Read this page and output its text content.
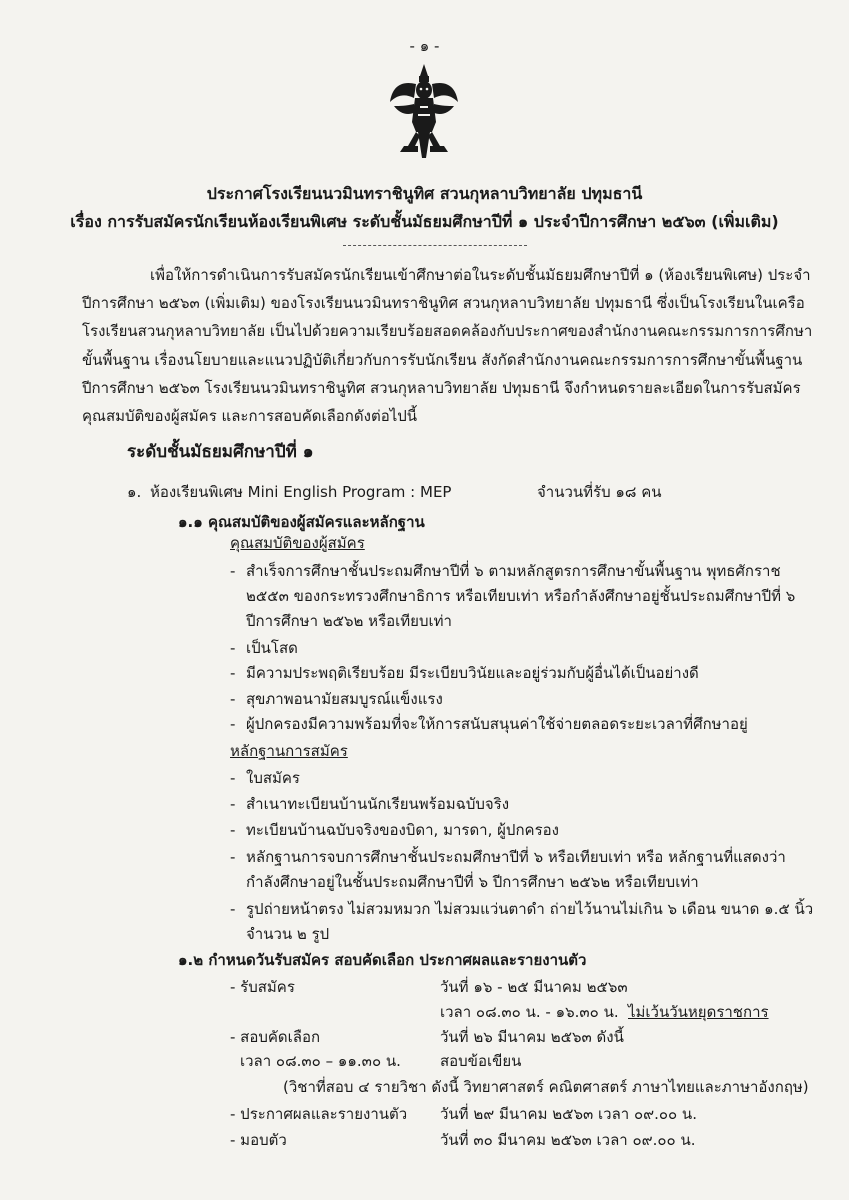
- ๑ -
ประกาศโรงเรียนนวมินทราชินูทิศ สวนกุหลาบวิทยาลัย ปทุมธานี
เรื่อง การรับสมัครนักเรียนห้องเรียนพิเศษ ระดับชั้นมัธยมศึกษาปีที่ ๑ ประจำปีการศึกษา ๒๕๖๓ (เพิ่มเติม)
เพื่อให้การดำเนินการรับสมัครนักเรียนเข้าศึกษาต่อในระดับชั้นมัธยมศึกษาปีที่ ๑ (ห้องเรียนพิเศษ) ประจำ
ปีการศึกษา ๒๕๖๓ (เพิ่มเติม) ของโรงเรียนนวมินทราชินูทิศ สวนกุหลาบวิทยาลัย ปทุมธานี ซึ่งเป็นโรงเรียนในเครือ
โรงเรียนสวนกุหลาบวิทยาลัย เป็นไปด้วยความเรียบร้อยสอดคล้องกับประกาศของสำนักงานคณะกรรมการการศึกษา
ขั้นพื้นฐาน เรื่องนโยบายและแนวปฏิบัติเกี่ยวกับการรับนักเรียน สังกัดสำนักงานคณะกรรมการการศึกษาขั้นพื้นฐาน
ปีการศึกษา ๒๕๖๓ โรงเรียนนวมินทราชินูทิศ สวนกุหลาบวิทยาลัย ปทุมธานี จึงกำหนดรายละเอียดในการรับสมัคร
คุณสมบัติของผู้สมัคร และการสอบคัดเลือกดังต่อไปนี้
ระดับชั้นมัธยมศึกษาปีที่ ๑
๑. ห้องเรียนพิเศษ Mini English Program : MEP	จำนวนที่รับ ๑๘ คน
๑.๑ คุณสมบัติของผู้สมัครและหลักฐาน
คุณสมบัติของผู้สมัคร
- สำเร็จการศึกษาชั้นประถมศึกษาปีที่ ๖ ตามหลักสูตรการศึกษาขั้นพื้นฐาน พุทธศักราช
๒๕๕๓ ของกระทรวงศึกษาธิการ หรือเทียบเท่า หรือกำลังศึกษาอยู่ชั้นประถมศึกษาปีที่ ๖
ปีการศึกษา ๒๕๖๒ หรือเทียบเท่า
- เป็นโสด
- มีความประพฤติเรียบร้อย มีระเบียบวินัยและอยู่ร่วมกับผู้อื่นได้เป็นอย่างดี
- สุขภาพอนามัยสมบูรณ์แข็งแรง
- ผู้ปกครองมีความพร้อมที่จะให้การสนับสนุนค่าใช้จ่ายตลอดระยะเวลาที่ศึกษาอยู่
หลักฐานการสมัคร
- ใบสมัคร
- สำเนาทะเบียนบ้านนักเรียนพร้อมฉบับจริง
- ทะเบียนบ้านฉบับจริงของบิดา, มารดา, ผู้ปกครอง
- หลักฐานการจบการศึกษาชั้นประถมศึกษาปีที่ ๖ หรือเทียบเท่า หรือ หลักฐานที่แสดงว่า
กำลังศึกษาอยู่ในชั้นประถมศึกษาปีที่ ๖ ปีการศึกษา ๒๕๖๒ หรือเทียบเท่า
- รูปถ่ายหน้าตรง ไม่สวมหมวก ไม่สวมแว่นตาดำ ถ่ายไว้นานไม่เกิน ๖ เดือน ขนาด ๑.๕ นิ้ว
จำนวน ๒ รูป
๑.๒ กำหนดวันรับสมัคร สอบคัดเลือก ประกาศผลและรายงานตัว
- รับสมัคร	วันที่ ๑๖ - ๒๕ มีนาคม ๒๕๖๓
เวลา ๐๘.๓๐ น. - ๑๖.๓๐ น. ไม่เว้นวันหยุดราชการ
- สอบคัดเลือก	วันที่ ๒๖ มีนาคม ๒๕๖๓ ดังนี้
เวลา ๐๘.๓๐ – ๑๑.๓๐ น.	สอบข้อเขียน
(วิชาที่สอบ ๔ รายวิชา ดังนี้ วิทยาศาสตร์ คณิตศาสตร์ ภาษาไทยและภาษาอังกฤษ)
- ประกาศผลและรายงานตัว วันที่ ๒๙ มีนาคม ๒๕๖๓ เวลา ๐๙.๐๐ น.
- มอบตัว	วันที่ ๓๐ มีนาคม ๒๕๖๓ เวลา ๐๙.๐๐ น.
